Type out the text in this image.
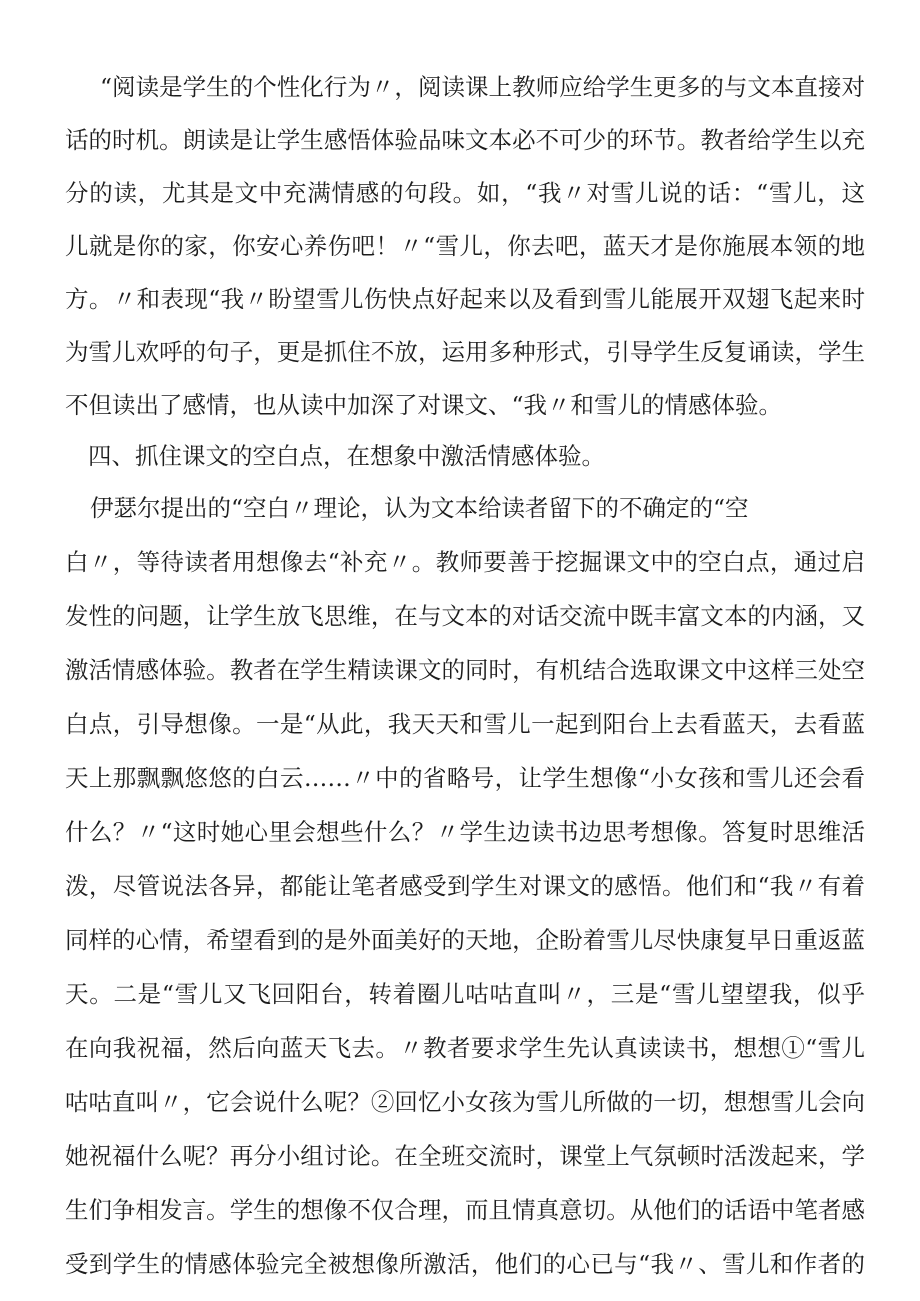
“阅读是学生的个性化行为〃，阅读课上教师应给学生更多的与文本直接对
话的时机。朗读是让学生感悟体验品味文本必不可少的环节。教者给学生以充
分的读，尤其是文中充满情感的句段。如，“我〃对雪儿说的话：“雪儿，这
儿就是你的家，你安心养伤吧！〃“雪儿，你去吧，蓝天才是你施展本领的地
方。〃和表现“我〃盼望雪儿伤快点好起来以及看到雪儿能展开双翅飞起来时
为雪儿欢呼的句子，更是抓住不放，运用多种形式，引导学生反复诵读，学生
不但读出了感情，也从读中加深了对课文、“我〃和雪儿的情感体验。
四、抓住课文的空白点，在想象中激活情感体验。
伊瑟尔提出的“空白〃理论，认为文本给读者留下的不确定的“空
白〃，等待读者用想像去“补充〃。教师要善于挖掘课文中的空白点，通过启
发性的问题，让学生放飞思维，在与文本的对话交流中既丰富文本的内涵，又
激活情感体验。教者在学生精读课文的同时，有机结合选取课文中这样三处空
白点，引导想像。一是“从此，我天天和雪儿一起到阳台上去看蓝天，去看蓝
天上那飘飘悠悠的白云……〃中的省略号，让学生想像“小女孩和雪儿还会看
什么？〃“这时她心里会想些什么？〃学生边读书边思考想像。答复时思维活
泼，尽管说法各异，都能让笔者感受到学生对课文的感悟。他们和“我〃有着
同样的心情，希望看到的是外面美好的天地，企盼着雪儿尽快康复早日重返蓝
天。二是“雪儿又飞回阳台，转着圈儿咕咕直叫〃，三是“雪儿望望我，似乎
在向我祝福，然后向蓝天飞去。〃教者要求学生先认真读读书，想想①“雪儿
咕咕直叫〃，它会说什么呢？②回忆小女孩为雪儿所做的一切，想想雪儿会向
她祝福什么呢？再分小组讨论。在全班交流时，课堂上气氛顿时活泼起来，学
生们争相发言。学生的想像不仅合理，而且情真意切。从他们的话语中笔者感
受到学生的情感体验完全被想像所激活，他们的心已与“我〃、雪儿和作者的
